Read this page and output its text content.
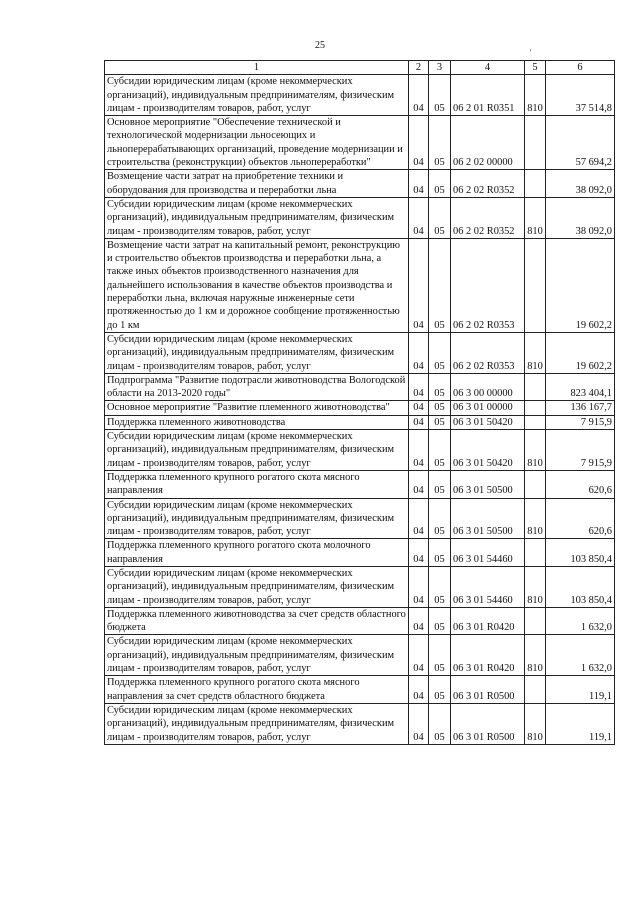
25
'
1	2	3	4	5	6
Субсидии юридическим лицам (кроме некоммерческих организаций), индивидуальным предпринимателям, физическим лицам - производителям товаров, работ, услуг	04	05	06 2 01 R0351	810	37 514,8
Основное мероприятие "Обеспечение технической и технологической модернизации льносеющих и льноперерабатывающих организаций, проведение модернизации и строительства (реконструкции) объектов льнопереработки"	04	05	06 2 02 00000		57 694,2
Возмещение части затрат на приобретение техники и оборудования для производства и переработки льна	04	05	06 2 02 R0352		38 092,0
Субсидии юридическим лицам (кроме некоммерческих организаций), индивидуальным предпринимателям, физическим лицам - производителям товаров, работ, услуг	04	05	06 2 02 R0352	810	38 092,0
Возмещение части затрат на капитальный ремонт, реконструкцию и строительство объектов производства и переработки льна, а также иных объектов производственного назначения для дальнейшего использования в качестве объектов производства и переработки льна, включая наружные инженерные сети протяженностью до 1 км и дорожное сообщение протяженностью до 1 км	04	05	06 2 02 R0353		19 602,2
Субсидии юридическим лицам (кроме некоммерческих организаций), индивидуальным предпринимателям, физическим лицам - производителям товаров, работ, услуг	04	05	06 2 02 R0353	810	19 602,2
Подпрограмма "Развитие подотрасли животноводства Вологодской области на 2013-2020 годы"	04	05	06 3 00 00000		823 404,1
Основное мероприятие "Развитие племенного животноводства"	04	05	06 3 01 00000		136 167,7
Поддержка племенного животноводства	04	05	06 3 01 50420		7 915,9
Субсидии юридическим лицам (кроме некоммерческих организаций), индивидуальным предпринимателям, физическим лицам - производителям товаров, работ, услуг	04	05	06 3 01 50420	810	7 915,9
Поддержка племенного крупного рогатого скота мясного направления	04	05	06 3 01 50500		620,6
Субсидии юридическим лицам (кроме некоммерческих организаций), индивидуальным предпринимателям, физическим лицам - производителям товаров, работ, услуг	04	05	06 3 01 50500	810	620,6
Поддержка племенного крупного рогатого скота молочного направления	04	05	06 3 01 54460		103 850,4
Субсидии юридическим лицам (кроме некоммерческих организаций), индивидуальным предпринимателям, физическим лицам - производителям товаров, работ, услуг	04	05	06 3 01 54460	810	103 850,4
Поддержка племенного животноводства за счет средств областного бюджета	04	05	06 3 01 R0420		1 632,0
Субсидии юридическим лицам (кроме некоммерческих организаций), индивидуальным предпринимателям, физическим лицам - производителям товаров, работ, услуг	04	05	06 3 01 R0420	810	1 632,0
Поддержка племенного крупного рогатого скота мясного направления за счет средств областного бюджета	04	05	06 3 01 R0500		119,1
Субсидии юридическим лицам (кроме некоммерческих организаций), индивидуальным предпринимателям, физическим лицам - производителям товаров, работ, услуг	04	05	06 3 01 R0500	810	119,1
